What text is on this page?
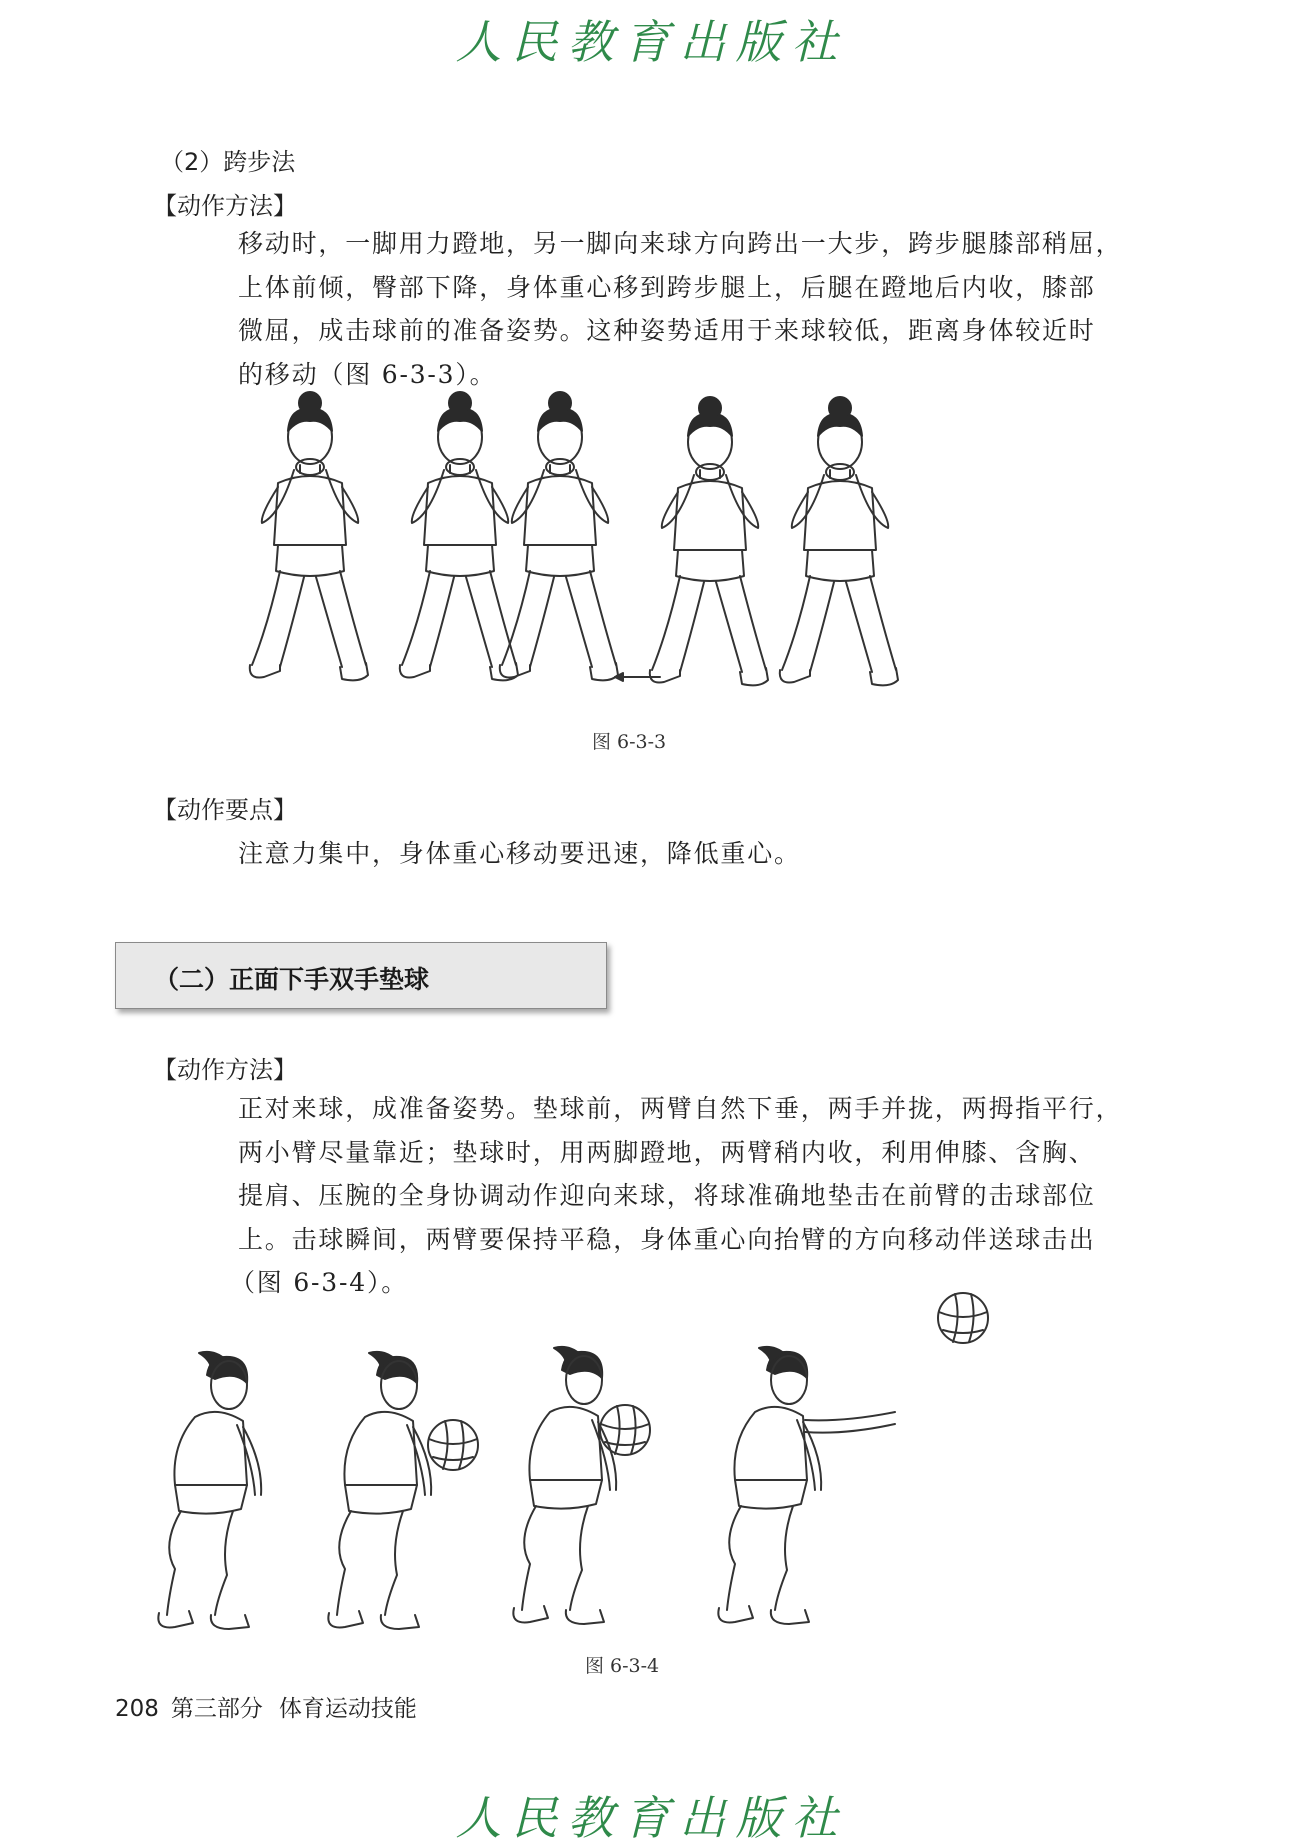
人民教育出版社
（2）跨步法
【动作方法】
移动时，一脚用力蹬地，另一脚向来球方向跨出一大步，跨步腿膝部稍屈，
上体前倾，臀部下降，身体重心移到跨步腿上，后腿在蹬地后内收，膝部
微屈，成击球前的准备姿势。这种姿势适用于来球较低，距离身体较近时
的移动（图 6-3-3）。
图 6-3-3
【动作要点】
注意力集中，身体重心移动要迅速，降低重心。
（二）正面下手双手垫球
【动作方法】
正对来球，成准备姿势。垫球前，两臂自然下垂，两手并拢，两拇指平行，
两小臂尽量靠近；垫球时，用两脚蹬地，两臂稍内收，利用伸膝、含胸、
提肩、压腕的全身协调动作迎向来球，将球准确地垫击在前臂的击球部位
上。击球瞬间，两臂要保持平稳，身体重心向抬臂的方向移动伴送球击出
（图 6-3-4）。
图 6-3-4
208 第三部分 体育运动技能
人民教育出版社
